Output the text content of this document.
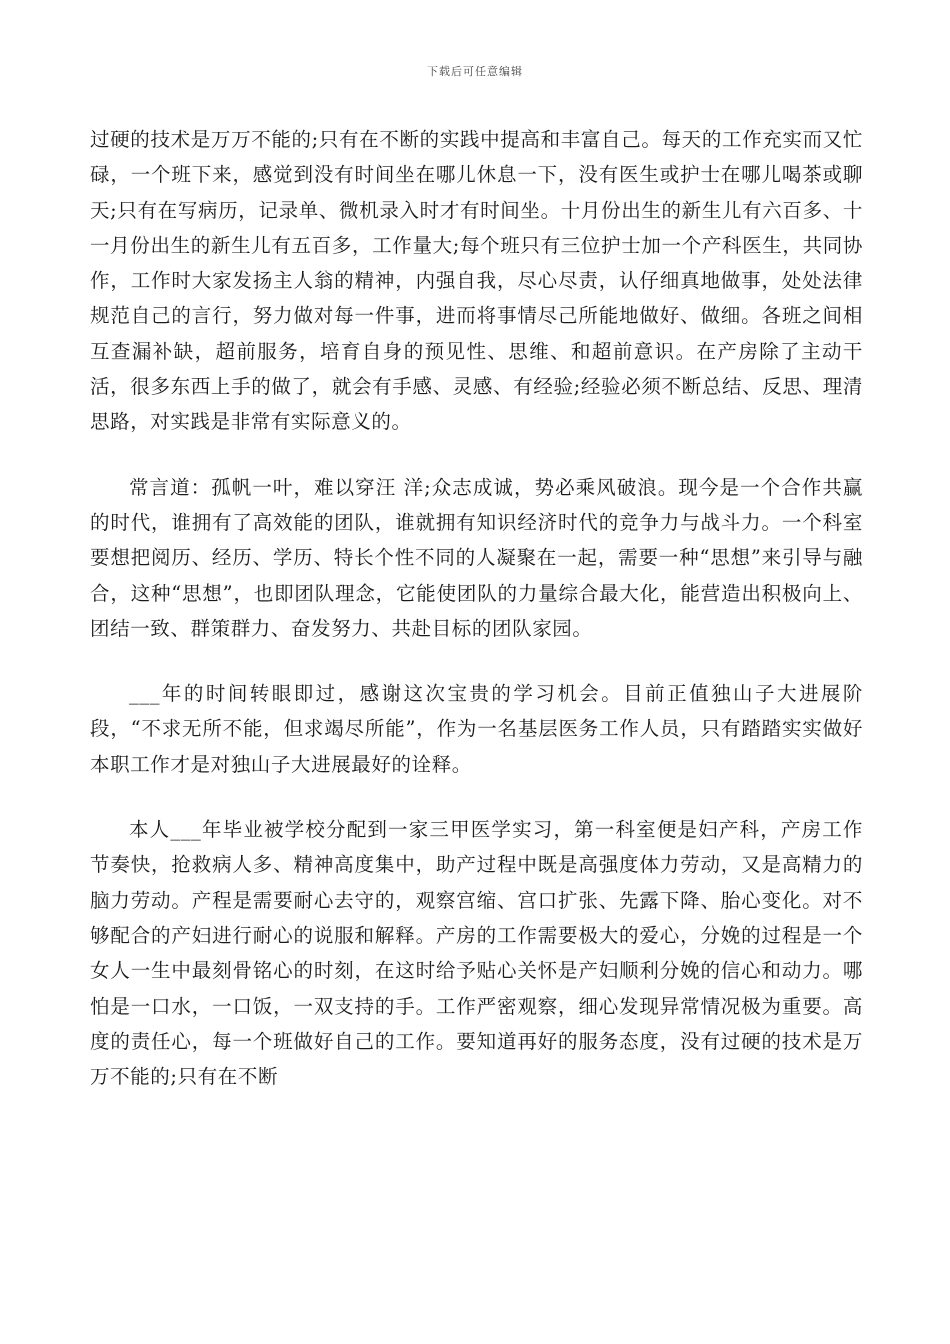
下载后可任意编辑

过硬的技术是万万不能的;只有在不断的实践中提高和丰富自己。每天的工作充实而又忙碌，一个班下来，感觉到没有时间坐在哪儿休息一下，没有医生或护士在哪儿喝茶或聊天;只有在写病历，记录单、微机录入时才有时间坐。十月份出生的新生儿有六百多、十一月份出生的新生儿有五百多，工作量大;每个班只有三位护士加一个产科医生，共同协作，工作时大家发扬主人翁的精神，内强自我，尽心尽责，认仔细真地做事，处处法律规范自己的言行，努力做对每一件事，进而将事情尽己所能地做好、做细。各班之间相互查漏补缺，超前服务，培育自身的预见性、思维、和超前意识。在产房除了主动干活，很多东西上手的做了，就会有手感、灵感、有经验;经验必须不断总结、反思、理清思路，对实践是非常有实际意义的。

常言道：孤帆一叶，难以穿汪 洋;众志成诚，势必乘风破浪。现今是一个合作共赢的时代，谁拥有了高效能的团队，谁就拥有知识经济时代的竞争力与战斗力。一个科室要想把阅历、经历、学历、特长个性不同的人凝聚在一起，需要一种“思想”来引导与融合，这种“思想”，也即团队理念，它能使团队的力量综合最大化，能营造出积极向上、团结一致、群策群力、奋发努力、共赴目标的团队家园。

___年的时间转眼即过，感谢这次宝贵的学习机会。目前正值独山子大进展阶段，“不求无所不能，但求竭尽所能”，作为一名基层医务工作人员，只有踏踏实实做好本职工作才是对独山子大进展最好的诠释。

本人___年毕业被学校分配到一家三甲医学实习，第一科室便是妇产科，产房工作节奏快，抢救病人多、精神高度集中，助产过程中既是高强度体力劳动，又是高精力的脑力劳动。产程是需要耐心去守的，观察宫缩、宫口扩张、先露下降、胎心变化。对不够配合的产妇进行耐心的说服和解释。产房的工作需要极大的爱心，分娩的过程是一个女人一生中最刻骨铭心的时刻，在这时给予贴心关怀是产妇顺利分娩的信心和动力。哪怕是一口水，一口饭，一双支持的手。工作严密观察，细心发现异常情况极为重要。高度的责任心，每一个班做好自己的工作。要知道再好的服务态度，没有过硬的技术是万万不能的;只有在不断
